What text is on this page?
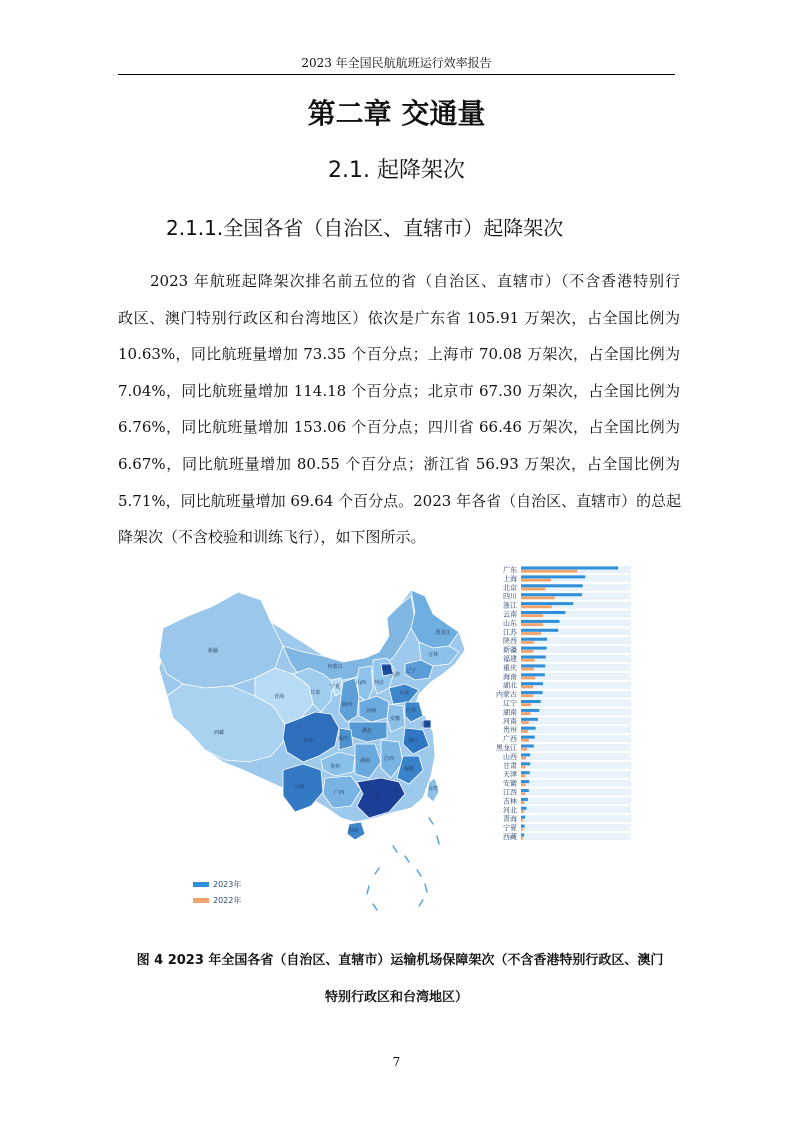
2023 年全国民航航班运行效率报告
第二章 交通量
2.1. 起降架次
2.1.1.全国各省（自治区、直辖市）起降架次
2023 年航班起降架次排名前五位的省（自治区、直辖市）（不含香港特别行
政区、澳门特别行政区和台湾地区）依次是广东省 105.91 万架次，占全国比例为
10.63%，同比航班量增加 73.35 个百分点；上海市 70.08 万架次，占全国比例为
7.04%，同比航班量增加 114.18 个百分点；北京市 67.30 万架次，占全国比例为
6.76%，同比航班量增加 153.06 个百分点；四川省 66.46 万架次，占全国比例为
6.67%，同比航班量增加 80.55 个百分点；浙江省 56.93 万架次，占全国比例为
5.71%，同比航班量增加 69.64 个百分点。2023 年各省（自治区、直辖市）的总起
降架次（不含校验和训练飞行），如下图所示。
黑龙江
吉林
辽宁
内蒙古	北京
天津
河北
山西
山东
宁夏
甘肃
陕西
河南	江苏
安徽
上海
浙江
湖北
重庆
四川
湖南	江西
福建
贵州
云南
广西
广东
海南
新疆
西藏
青海
台湾
2023年
2022年
广东
上海
北京
四川
浙江
云南
山东
江苏
陕西
新疆
福建
重庆
海南
湖北
内蒙古
辽宁
湖南
河南
贵州
广西
黑龙江
山西
甘肃
天津
安徽
江西
吉林
河北
青海
宁夏
西藏
图 4 2023 年全国各省（自治区、直辖市）运输机场保障架次（不含香港特别行政区、澳门
特别行政区和台湾地区）
7
